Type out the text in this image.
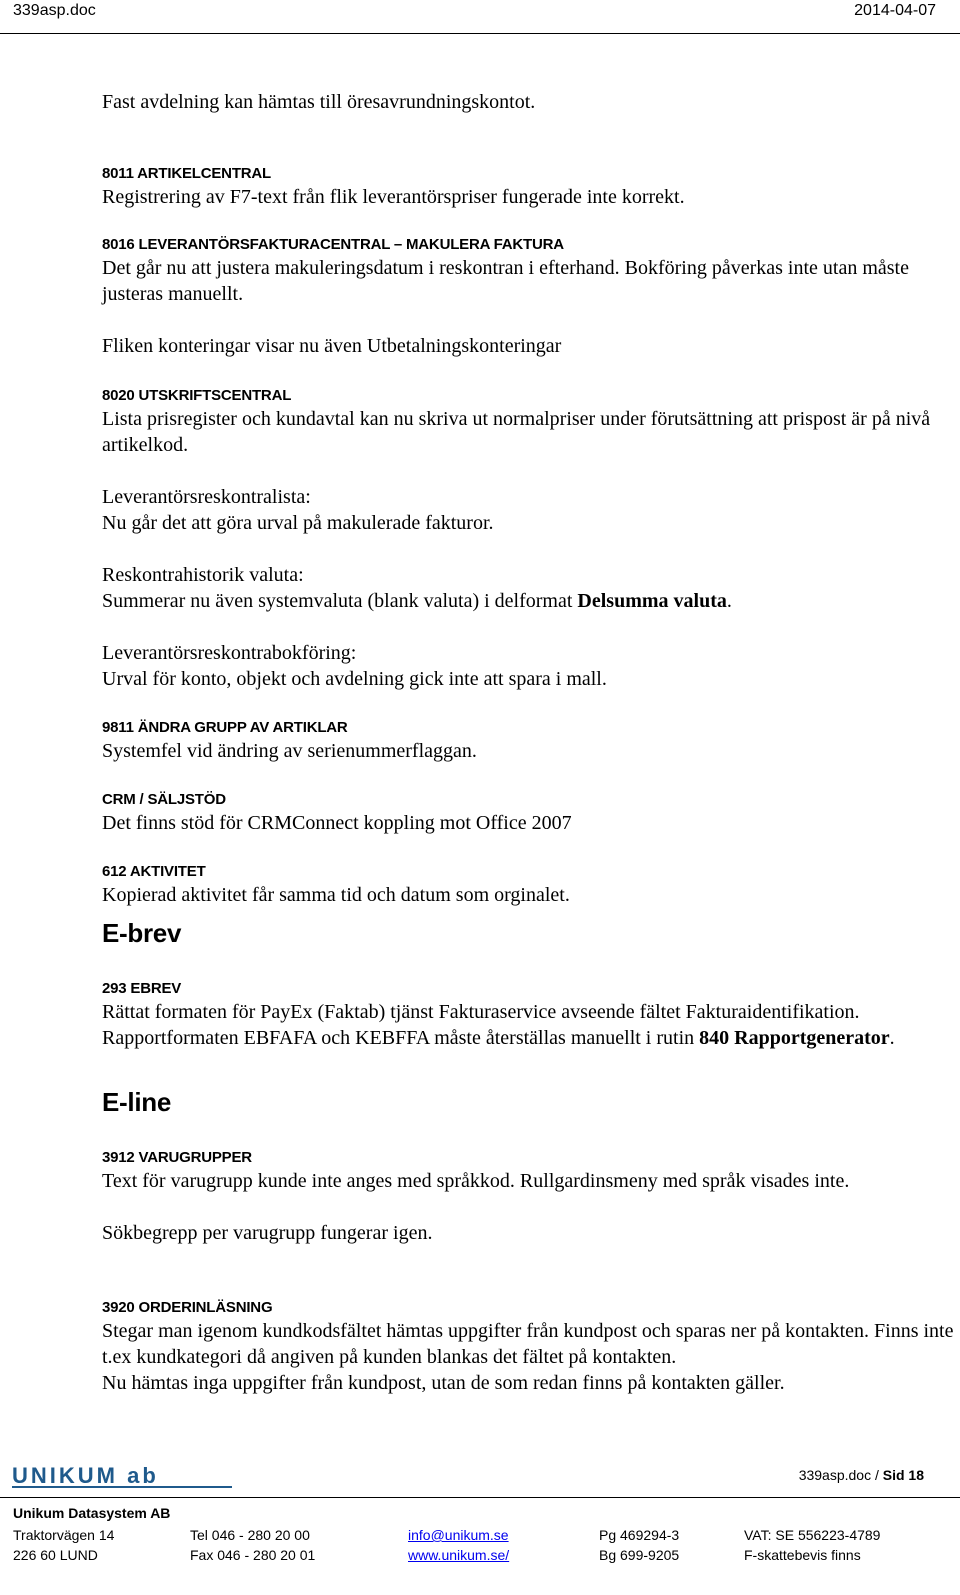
339asp.doc	2014-04-07
Fast avdelning kan hämtas till öresavrundningskontot.
8011 ARTIKELCENTRAL
Registrering av F7-text från flik leverantörspriser fungerade inte korrekt.
8016 LEVERANTÖRSFAKTURACENTRAL – MAKULERA FAKTURA
Det går nu att justera makuleringsdatum i reskontran i efterhand. Bokföring påverkas inte utan måste justeras manuellt.
Fliken konteringar visar nu även Utbetalningskonteringar
8020 UTSKRIFTSCENTRAL
Lista prisregister och kundavtal kan nu skriva ut normalpriser under förutsättning att prispost är på nivå artikelkod.
Leverantörsreskontralista:
Nu går det att göra urval på makulerade fakturor.
Reskontrahistorik valuta:
Summerar nu även systemvaluta (blank valuta) i delformat Delsumma valuta.
Leverantörsreskontrabokföring:
Urval för konto, objekt och avdelning gick inte att spara i mall.
9811 ÄNDRA GRUPP AV ARTIKLAR
Systemfel vid ändring av serienummerflaggan.
CRM / SÄLJSTÖD
Det finns stöd för CRMConnect koppling mot Office 2007
612 AKTIVITET
Kopierad aktivitet får samma tid och datum som orginalet.
E-brev
293 EBREV
Rättat formaten för PayEx (Faktab) tjänst Fakturaservice avseende fältet Fakturaidentifikation. Rapportformaten EBFAFA och KEBFFA måste återställas manuellt i rutin 840 Rapportgenerator.
E-line
3912 VARUGRUPPER
Text för varugrupp kunde inte anges med språkkod. Rullgardinsmeny med språk visades inte.
Sökbegrepp per varugrupp fungerar igen.
3920 ORDERINLÄSNING
Stegar man igenom kundkodsfältet hämtas uppgifter från kundpost och sparas ner på kontakten. Finns inte t.ex kundkategori då angiven på kunden blankas det fältet på kontakten.
Nu hämtas inga uppgifter från kundpost, utan de som redan finns på kontakten gäller.
UNIKUM ab	339asp.doc / Sid 18
Unikum Datasystem AB
Traktorvägen 14
226 60 LUND
Tel 046 - 280 20 00
Fax 046 - 280 20 01
info@unikum.se
www.unikum.se/
Pg 469294-3
Bg 699-9205
VAT: SE 556223-4789
F-skattebevis finns
